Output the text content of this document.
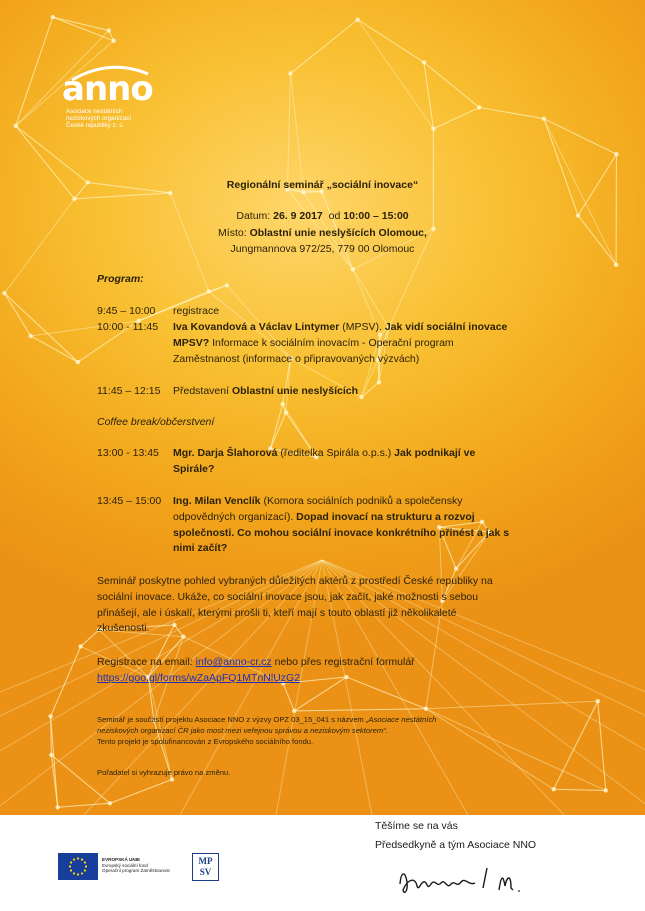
anno
Asociace nestátních
neziskových organizací
České republiky z. s.
Regionální seminář „sociální inovace“
Datum: 26. 9 2017 od 10:00 – 15:00
Místo: Oblastní unie neslyšících Olomouc,
Jungmannova 972/25, 779 00 Olomouc
Program:
9:45 – 10:00 registrace
10:00 - 11:45 Iva Kovandová a Václav Lintymer (MPSV). Jak vidí sociální inovace
MPSV? Informace k sociálním inovacím - Operační program
Zaměstnanost (informace o připravovaných výzvách)
11:45 – 12:15 Představení Oblastní unie neslyšících
Coffee break/občerstvení
13:00 - 13:45 Mgr. Darja Šlahorová (ředitelka Spirála o.p.s.) Jak podnikají ve
Spirále?
13:45 – 15:00 Ing. Milan Venclík (Komora sociálních podniků a společensky
odpovědných organizací). Dopad inovací na strukturu a rozvoj
společnosti. Co mohou sociální inovace konkrétního přinést a jak s
nimi začít?
Seminář poskytne pohled vybraných důležitých aktérů z prostředí České republiky na
sociální inovace. Ukáže, co sociální inovace jsou, jak začít, jaké možnosti s sebou
přinášejí, ale i úskalí, kterými prošli ti, kteří mají s touto oblastí již několikaleté
zkušenosti.
Registrace na email: info@anno-cr.cz nebo přes registrační formulář
https://goo.gl/forms/wZaApFQ1MTnNlUzG2
Seminář je součástí projektu Asociace NNO z výzvy OPZ 03_15_041 s názvem „Asociace nestátních
neziskových organizací ČR jako most mezi veřejnou správou a neziskovým sektorem“.
Tento projekt je spolufinancován z Evropského sociálního fondu.
Pořadatel si vyhrazuje právo na změnu.
Těšíme se na vás
Předsedkyně a tým Asociace NNO
EVROPSKÁ UNIE
Evropský sociální fond
Operační program Zaměstnanost
MP
SV
